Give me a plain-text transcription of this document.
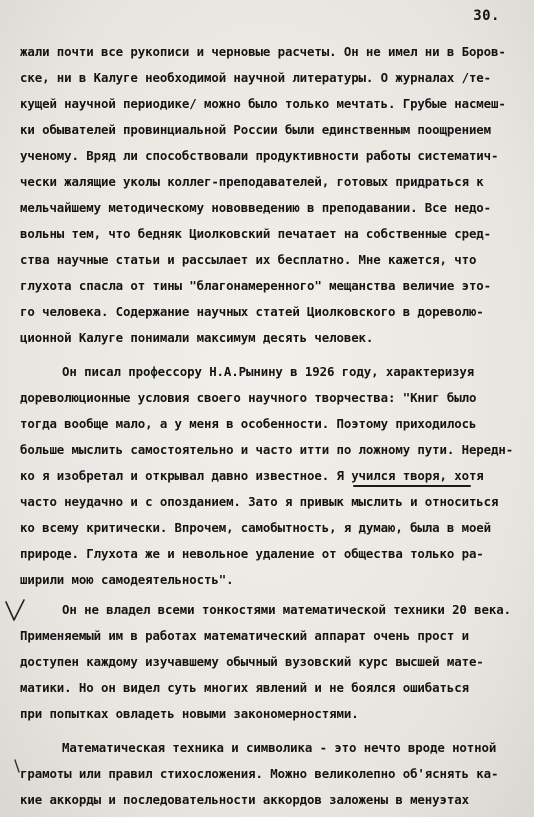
30.
жали почти все рукописи и черновые расчеты. Он не имел ни в Боров-
ске, ни в Калуге необходимой научной литературы. О журналах /те-
кущей научной периодике/ можно было только мечтать. Грубые насмеш-
ки обывателей провинциальной России были единственным поощрением
ученому. Вряд ли способствовали продуктивности работы систематич-
чески жалящие уколы коллег-преподавателей, готовых придраться к
мельчайшему методическому нововведению в преподавании. Все недо-
вольны тем, что бедняк Циолковский печатает на собственные сред-
ства научные статьи и рассылает их бесплатно. Мне кажется, что
глухота спасла от тины "благонамеренного" мещанства величие это-
го человека. Содержание научных статей Циолковского в дореволю-
ционной Калуге понимали максимум десять человек.
Он писал профессору Н.А.Рынину в 1926 году, характеризуя
дореволюционные условия своего научного творчества: "Книг было
тогда вообще мало, а у меня в особенности. Поэтому приходилось
больше мыслить самостоятельно и часто итти по ложному пути. Нередн-
ко я изобретал и открывал давно известное. Я учился творя, хотя
часто неудачно и с опозданием. Зато я привык мыслить и относиться
ко всему критически. Впрочем, самобытность, я думаю, была в моей
природе. Глухота же и невольное удаление от общества только ра-
ширили мою самодеятельность".
Он не владел всеми тонкостями математической техники 20 века.
Применяемый им в работах математический аппарат очень прост и
доступен каждому изучавшему обычный вузовский курс высшей мате-
матики. Но он видел суть многих явлений и не боялся ошибаться
при попытках овладеть новыми закономерностями.
Математическая техника и символика - это нечто вроде нотной
грамоты или правил стихосложения. Можно великолепно об'яснять ка-
кие аккорды и последовательности аккордов заложены в менуэтах
